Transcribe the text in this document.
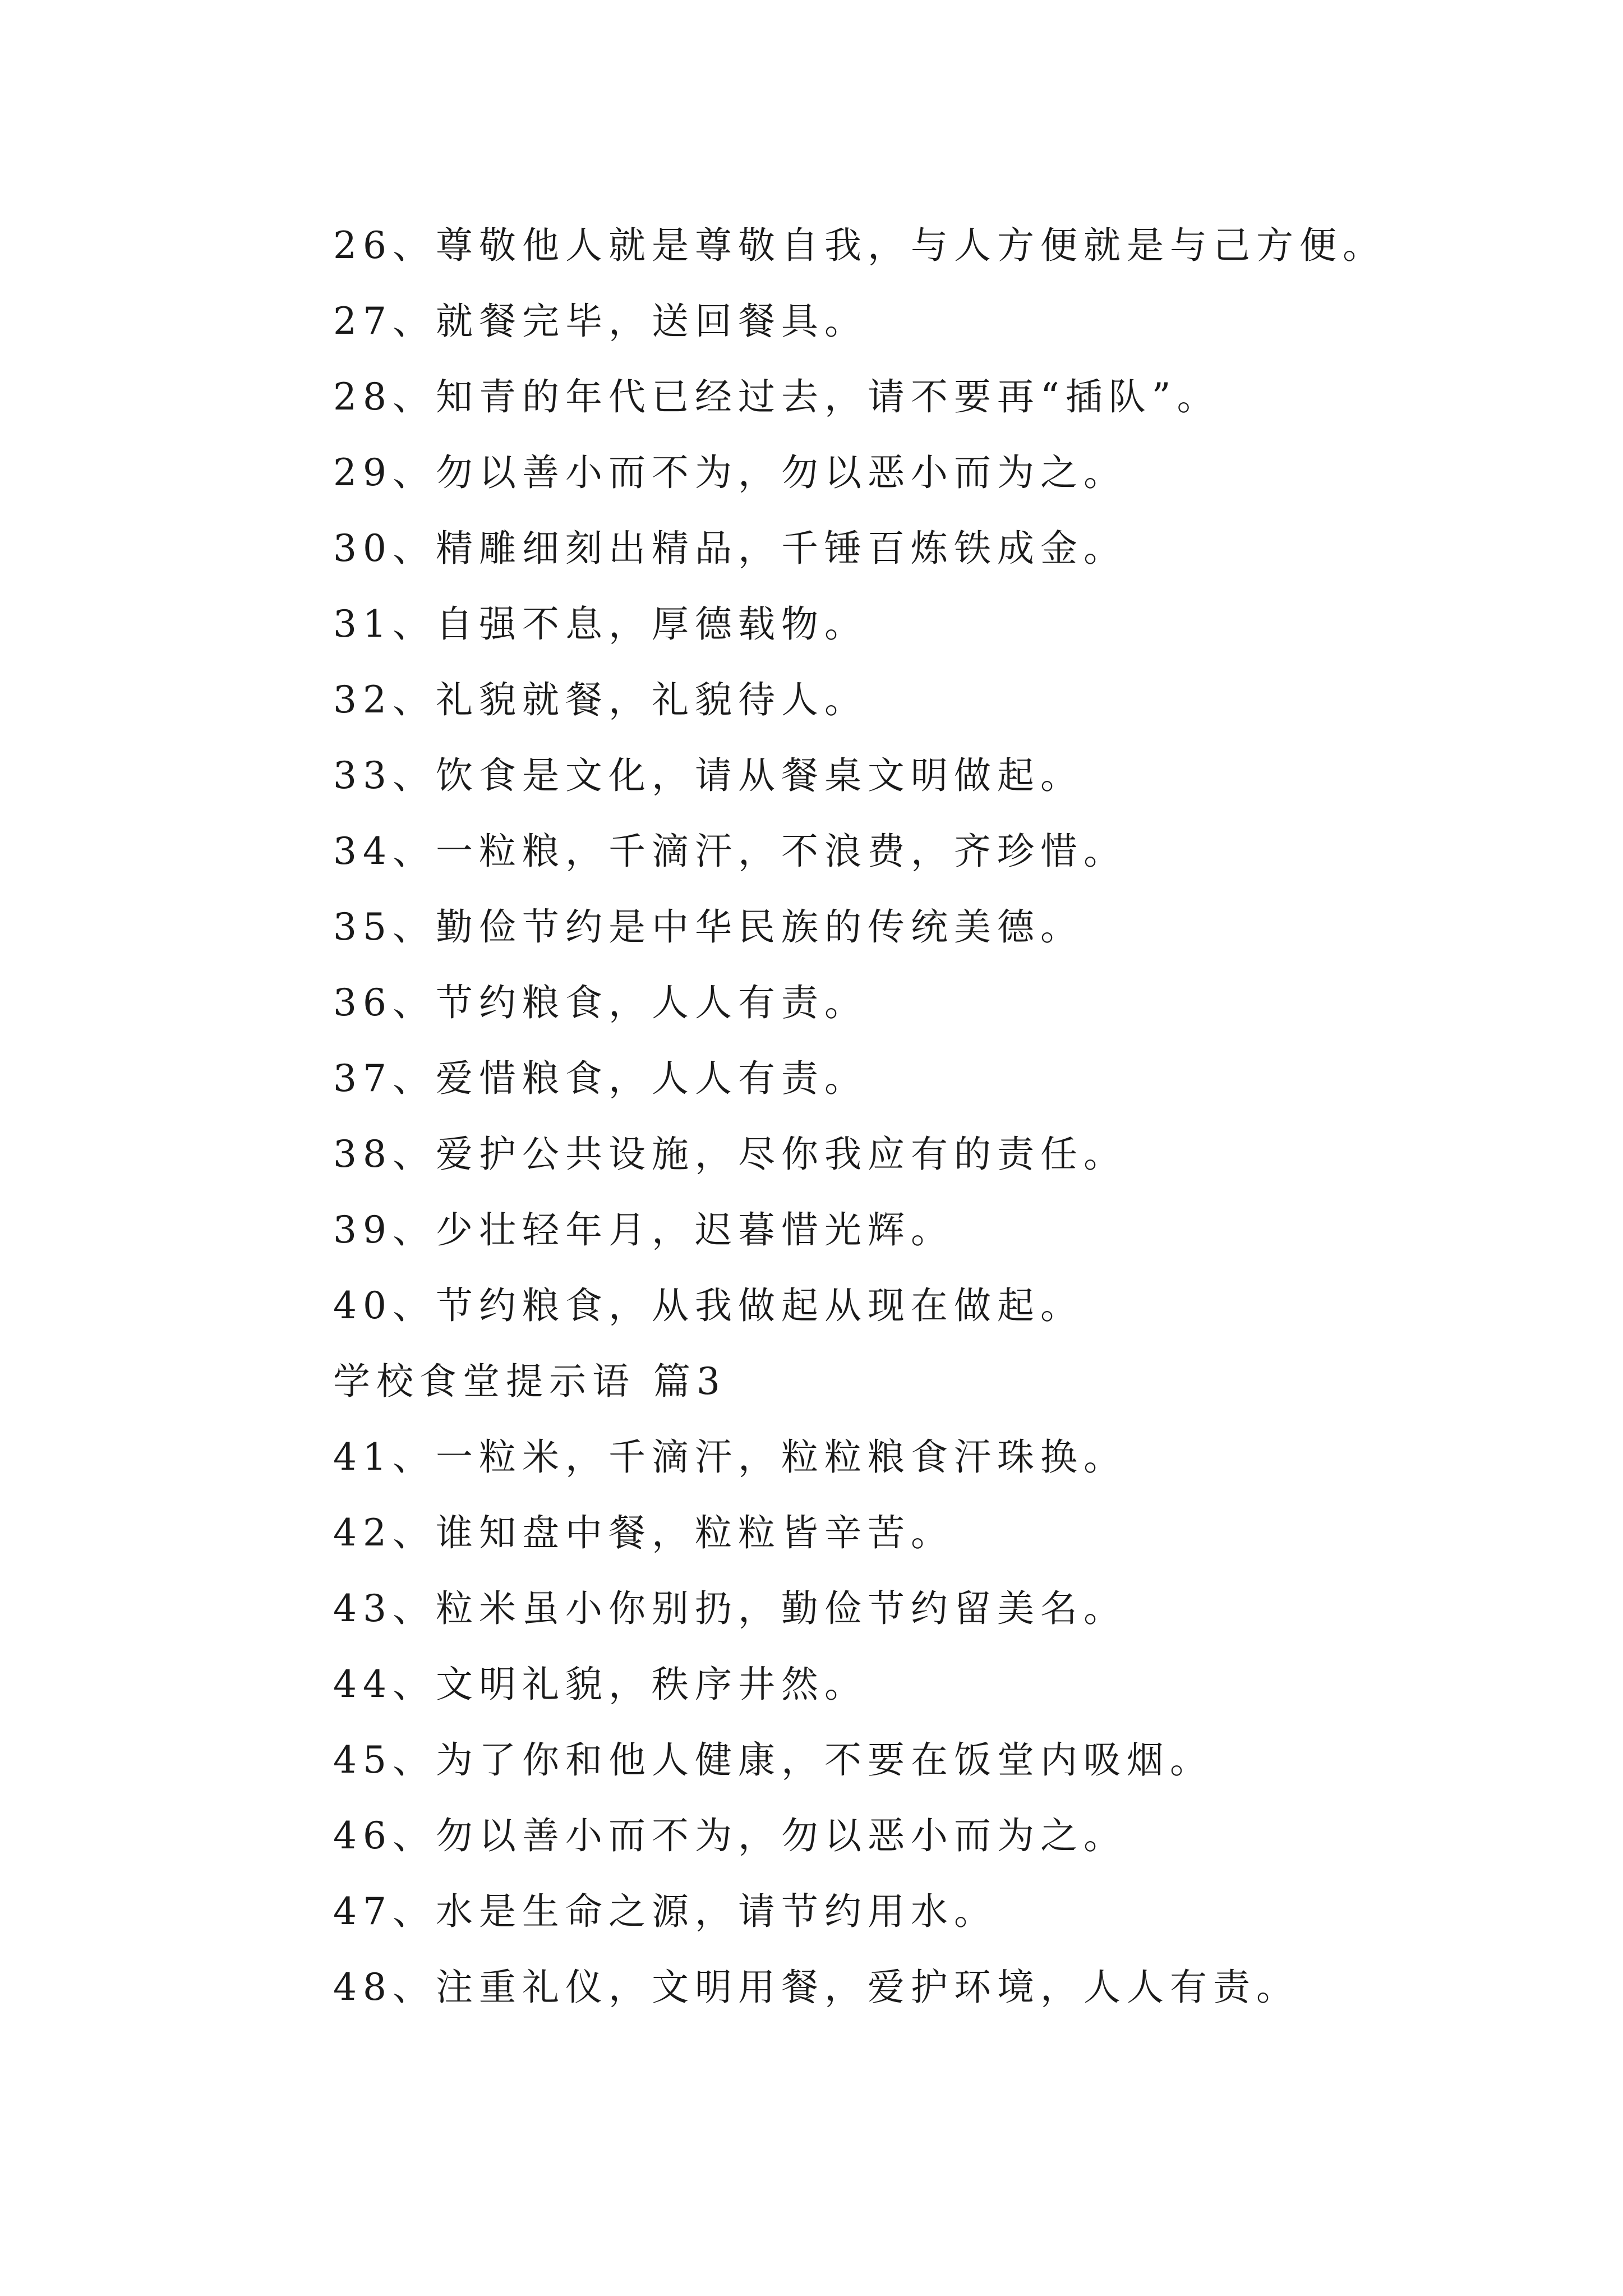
26、尊敬他人就是尊敬自我，与人方便就是与己方便。
27、就餐完毕，送回餐具。
28、知青的年代已经过去，请不要再“插队”。
29、勿以善小而不为，勿以恶小而为之。
30、精雕细刻出精品，千锤百炼铁成金。
31、自强不息，厚德载物。
32、礼貌就餐，礼貌待人。
33、饮食是文化，请从餐桌文明做起。
34、一粒粮，千滴汗，不浪费，齐珍惜。
35、勤俭节约是中华民族的传统美德。
36、节约粮食，人人有责。
37、爱惜粮食，人人有责。
38、爱护公共设施，尽你我应有的责任。
39、少壮轻年月，迟暮惜光辉。
40、节约粮食，从我做起从现在做起。
学校食堂提示语 篇3
41、一粒米，千滴汗，粒粒粮食汗珠换。
42、谁知盘中餐，粒粒皆辛苦。
43、粒米虽小你别扔，勤俭节约留美名。
44、文明礼貌，秩序井然。
45、为了你和他人健康，不要在饭堂内吸烟。
46、勿以善小而不为，勿以恶小而为之。
47、水是生命之源，请节约用水。
48、注重礼仪，文明用餐，爱护环境，人人有责。
